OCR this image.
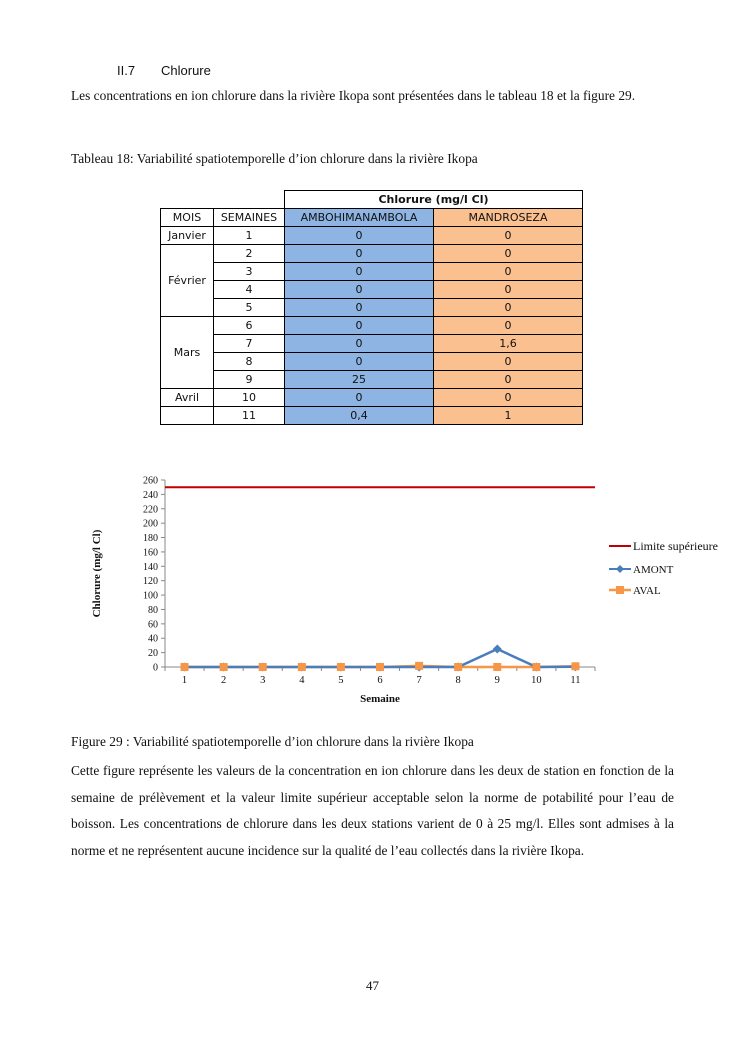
II.7 Chlorure
Les concentrations en ion chlorure dans la rivière Ikopa sont présentées dans le tableau 18 et la figure 29.
Tableau 18: Variabilité spatiotemporelle d’ion chlorure dans la rivière Ikopa
		Chlorure (mg/l Cl)	
MOIS	SEMAINES	AMBOHIMANAMBOLA	MANDROSEZA
Janvier	1	0	0
Février	2	0	0
	3	0	0
	4	0	0
	5	0	0
Mars	6	0	0
	7	0	1,6
	8	0	0
	9	25	0
Avril	10	0	0
	11	0,4	1
0
20
40
60
80
100
120
140
160
180
200
220
240
260
1	2	3	4	5	6	7	8	9	10	11
Semaine
Chlorure (mg/l Cl)	Limite supérieure
AMONT
AVAL
Figure 29 : Variabilité spatiotemporelle d’ion chlorure dans la rivière Ikopa
Cette figure représente les valeurs de la concentration en ion chlorure dans les deux de station en fonction de la semaine de prélèvement et la valeur limite supérieur acceptable selon la norme de potabilité pour l’eau de boisson. Les concentrations de chlorure dans les deux stations varient de 0 à 25 mg/l. Elles sont admises à la norme et ne représentent aucune incidence sur la qualité de l’eau collectés dans la rivière Ikopa.
47
